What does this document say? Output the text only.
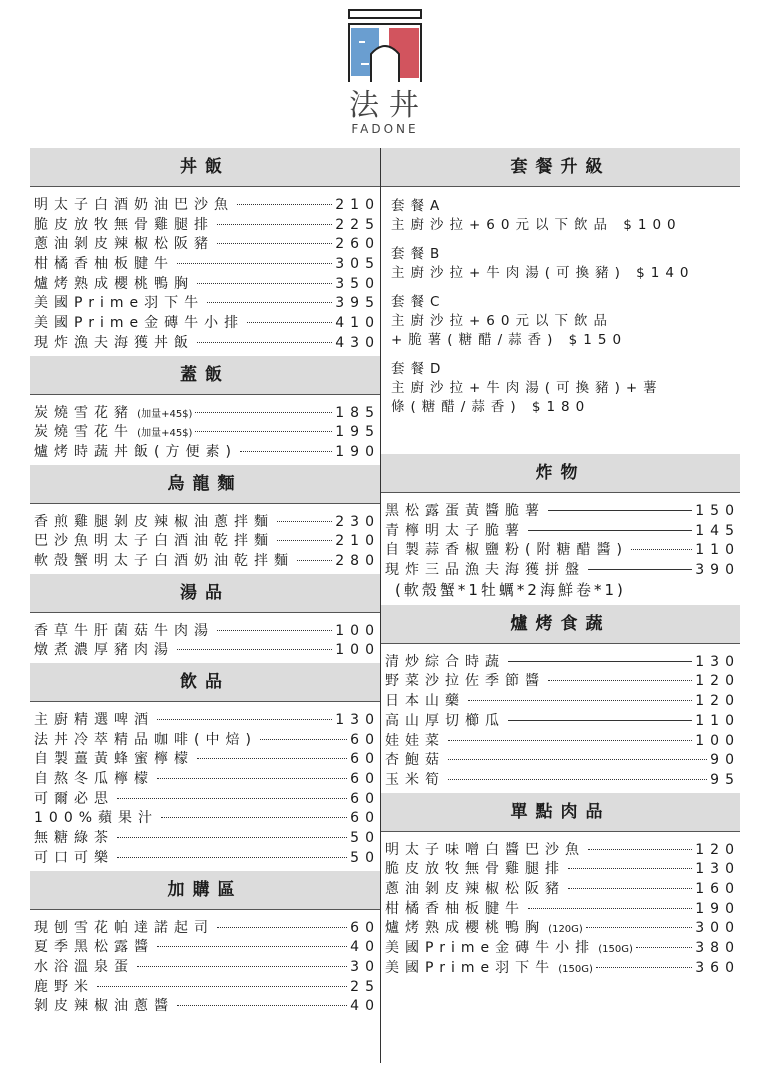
法丼
FADONE
丼飯
明太子白酒奶油巴沙魚	210
脆皮放牧無骨雞腿排	225
蔥油剝皮辣椒松阪豬	260
柑橘香柚板腱牛	305
爐烤熟成櫻桃鴨胸	350
美國Prime羽下牛	395
美國Prime金磚牛小排	410
現炸漁夫海獲丼飯	430
蓋飯
炭燒雪花豬 (加量+45$)	185
炭燒雪花牛 (加量+45$)	195
爐烤時蔬丼飯(方便素)	190
烏龍麵
香煎雞腿剝皮辣椒油蔥拌麵	230
巴沙魚明太子白酒油乾拌麵	210
軟殼蟹明太子白酒奶油乾拌麵	280
湯品
香草牛肝菌菇牛肉湯	100
燉煮濃厚豬肉湯	100
飲品
主廚精選啤酒	130
法丼冷萃精品咖啡(中焙)	60
自製薑黃蜂蜜檸檬	60
自熬冬瓜檸檬	60
可爾必思	60
100%蘋果汁	60
無糖綠茶	50
可口可樂	50
加購區
現刨雪花帕達諾起司	60
夏季黑松露醬	40
水浴溫泉蛋	30
鹿野米	25
剝皮辣椒油蔥醬	40
套餐升級
套餐A
主廚沙拉+60元以下飲品 $100
套餐B
主廚沙拉+牛肉湯(可換豬) $140
套餐C
主廚沙拉+60元以下飲品
+脆薯(糖醋/蒜香) $150
套餐D
主廚沙拉+牛肉湯(可換豬)+薯
條(糖醋/蒜香) $180
炸物
黑松露蛋黃醬脆薯	150
青檸明太子脆薯	145
自製蒜香椒鹽粉(附糖醋醬)	110
現炸三品漁夫海獲拼盤	390
(軟殼蟹*1牡蠣*2海鮮卷*1)
爐烤食蔬
清炒綜合時蔬	130
野菜沙拉佐季節醬	120
日本山藥	120
高山厚切櫛瓜	110
娃娃菜	100
杏鮑菇	90
玉米筍	95
單點肉品
明太子味噌白醬巴沙魚	120
脆皮放牧無骨雞腿排	130
蔥油剝皮辣椒松阪豬	160
柑橘香柚板腱牛	190
爐烤熟成櫻桃鴨胸 (120G)	300
美國Prime金磚牛小排 (150G)	380
美國Prime羽下牛 (150G)	360
